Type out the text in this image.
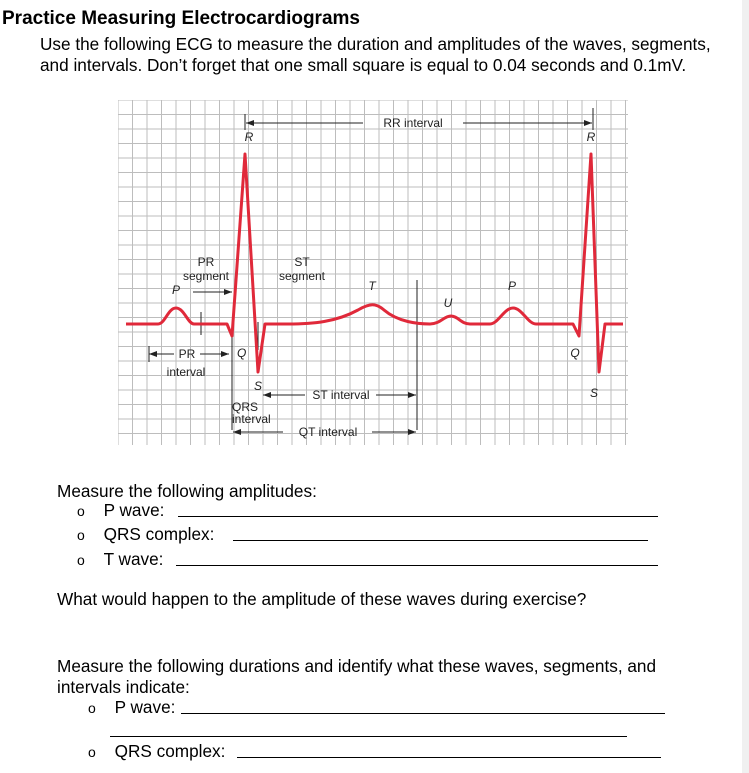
Practice Measuring Electrocardiograms
Use the following ECG to measure the duration and amplitudes of the waves, segments, and intervals. Don’t forget that one small square is equal to 0.04 seconds and 0.1mV.
RR interval
R	R
PR
segment
ST
segment
P	T
U
P
PR
interval
Q	Q
S	S
QRS
interval
ST interval
QT interval
Measure the following amplitudes:
o P wave:
o QRS complex:
o T wave:
What would happen to the amplitude of these waves during exercise?
Measure the following durations and identify what these waves, segments, and intervals indicate:
o P wave:
o QRS complex:
